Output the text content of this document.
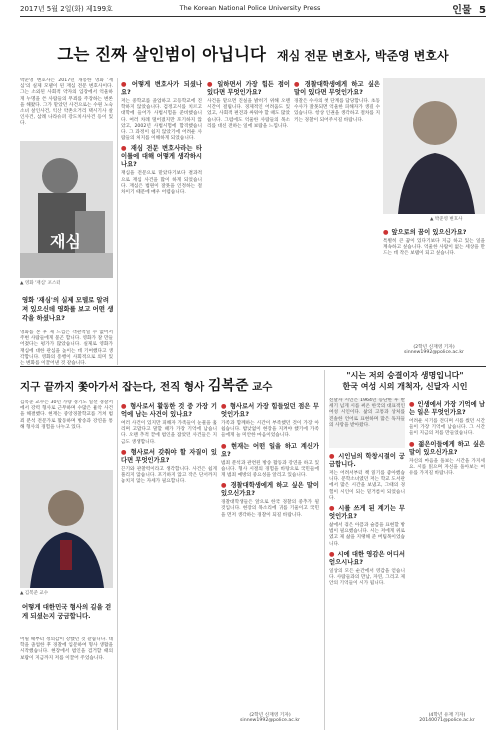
2017년 5월 2일(화) 제199호	The Korean National Police University Press	인물 5
그는 진짜 살인범이 아닙니다 재심 전문 변호사, 박준영 변호사
박준영 변호사는 2017년 개봉한 영화 '재심'의 실제 모델이 된 재심 전문 변호사이다. 그는 소외된 사회적 약자의 입장에서 억울하게 누명을 쓴 사람들의 무죄를 주장하는 변론을 해왔다. 그가 맡았던 사건으로는 수원 노숙 소녀 살인사건, 익산 약촌오거리 택시기사 살인사건, 삼례 나라슈퍼 강도치사사건 등이 있다.
재심
▲ 영화 '재심' 포스터
영화 '재심'의 실제 모델로 알려져 있으신데 영화를 보고 어떤 생각을 하셨나요?
영화를 본 후 제 느낌은 객관적일 수 없어서 주변 사람들에게 묻곤 합니다. 영화가 잘 만들어졌다는 평가가 많았습니다. 실제로 영화가 재심에 대한 관심을 높이는 데 기여했다고 생각합니다. 영화의 흥행이 사회적으로 의미 있는 변화를 이끌어낸 것 같습니다.
● 어떻게 변호사가 되셨나요?
저는 중학교를 졸업하고 고등학교에 진학하지 않았습니다. 검정고시를 치르고 대학에 들어가 사법시험을 준비했습니다. 여러 차례 떨어졌지만 포기하지 않았고, 2002년 사법시험에 합격했습니다. 그 과정이 쉽지 않았기에 어려운 사람들의 처지를 이해하게 되었습니다.
● 재심 전문 변호사라는 타이틀에 대해 어떻게 생각하시나요?
재심을 전문으로 맡았다기보다 결과적으로 재심 사건을 많이 하게 되었습니다. 재심은 법원이 잘못을 인정하는 절차이기 때문에 매우 어렵습니다.
● 일하면서 가장 힘든 점이 있다면 무엇인가요?
사건을 맡으면 진실을 밝히기 위해 오랜 시간이 걸립니다. 경제적인 어려움도 있었고, 사회적 편견과 싸워야 할 때도 많았습니다. 그럼에도 억울한 사람들의 목소리를 대신 전하는 일에 보람을 느낍니다.
● 경찰대학생에게 하고 싶은 말이 있다면 무엇인가요?
경찰은 수사의 첫 단계를 담당합니다. 초동수사가 잘못되면 억울한 피해자가 생길 수 있습니다. 항상 인권을 생각하고 절차를 지키는 경찰이 되어주시길 바랍니다.
▲ 박준영 변호사
● 앞으로의 꿈이 있으신가요?
특별히 큰 꿈이 있다기보다 지금 하고 있는 일을 계속하고 싶습니다. 억울한 사람이 없는 세상을 만드는 데 작은 보탬이 되고 싶습니다.
(2학년 신재영 기자)
sinnew1992@police.ac.kr
지구 끝까지 쫓아가서 잡는다, 전직 형사 김복준 교수
김복준 교수는 30년 가량 경기도 일선 경찰서에서 강력 형사로 근무하며 수많은 흉악 사건을 해결했다. 현재는 중앙경찰학교를 거쳐 범죄 분석 전문가로 활동하며 방송과 강연을 통해 형사의 경험을 나누고 있다.
▲ 김복준 교수
어떻게 대한민국 형사의 길을 걷게 되셨는지 궁금합니다.
어릴 때부터 정의감이 강했던 것 같습니다. 대학을 졸업한 후 경찰에 입문하여 형사 생활을 시작했습니다. 현장에서 범인을 검거할 때의 보람이 지금까지 저를 이끌어 주었습니다.
● 형사로서 활동한 것 중 가장 기억에 남는 사건이 있나요?
여러 사건이 있지만 피해자 가족들이 눈물을 흘리며 고맙다고 말할 때가 가장 기억에 남습니다. 오랜 추적 끝에 범인을 잡았던 사건들은 지금도 생생합니다.
● 형사로서 갖춰야 할 자질이 있다면 무엇인가요?
끈기와 관찰력이라고 생각합니다. 사건은 쉽게 풀리지 않습니다. 포기하지 않고 작은 단서까지 놓치지 않는 자세가 필요합니다.
● 형사로서 가장 힘들었던 점은 무엇인가요?
가족과 함께하는 시간이 부족했던 것이 가장 아쉽습니다. 밤낮없이 현장을 지켜야 했기에 가족들에게 늘 미안한 마음이었습니다.
● 현재는 어떤 일을 하고 계신가요?
범죄 분석과 관련된 방송 활동과 강연을 하고 있습니다. 형사 시절의 경험을 바탕으로 국민들에게 범죄 예방의 중요성을 알리고 있습니다.
● 경찰대학생에게 하고 싶은 말이 있으신가요?
경찰대학생들은 앞으로 한국 경찰의 중추가 될 것입니다. 현장의 목소리에 귀를 기울이고 국민을 먼저 생각하는 경찰이 되길 바랍니다.
(2학년 신재영 기자)
sinnew1992@police.ac.kr
"시는 저의 숭결이자 생명입니다"
한국 여성 시의 개척자, 신달자 시인
신달자 시인은 1964년 등단한 후 반세기 넘게 시를 써온 한국의 대표적인 여성 시인이다. 삶의 고통과 상처를 진솔한 언어로 표현하며 많은 독자들의 사랑을 받아왔다.
● 시인님의 학창시절이 궁금합니다.
저는 어려서부터 책 읽기를 좋아했습니다. 문학소녀였던 저는 학교 도서관에서 많은 시간을 보냈고, 그때의 경험이 시인이 되는 밑거름이 되었습니다.
● 시를 쓰게 된 계기는 무엇인가요?
삶에서 겪은 아픔과 슬픔을 표현할 방법이 필요했습니다. 시는 저에게 위로였고 제 삶을 지탱해 준 버팀목이었습니다.
● 시에 대한 영감은 어디서 얻으시나요?
일상의 모든 순간에서 영감을 얻습니다. 사람들과의 만남, 자연, 그리고 제 안의 기억들이 시가 됩니다.
● 인생에서 가장 기억에 남는 일은 무엇인가요?
어려운 시기를 견디며 시를 썼던 시간들이 가장 기억에 남습니다. 그 시간들이 지금의 저를 만들었습니다.
● 젊은이들에게 하고 싶은 말이 있으신가요?
자신의 마음을 돌보는 시간을 가지세요. 시를 읽으며 자신을 돌아보는 여유를 가지길 바랍니다.
(4학년 유재 기자)
20140071@police.ac.kr
